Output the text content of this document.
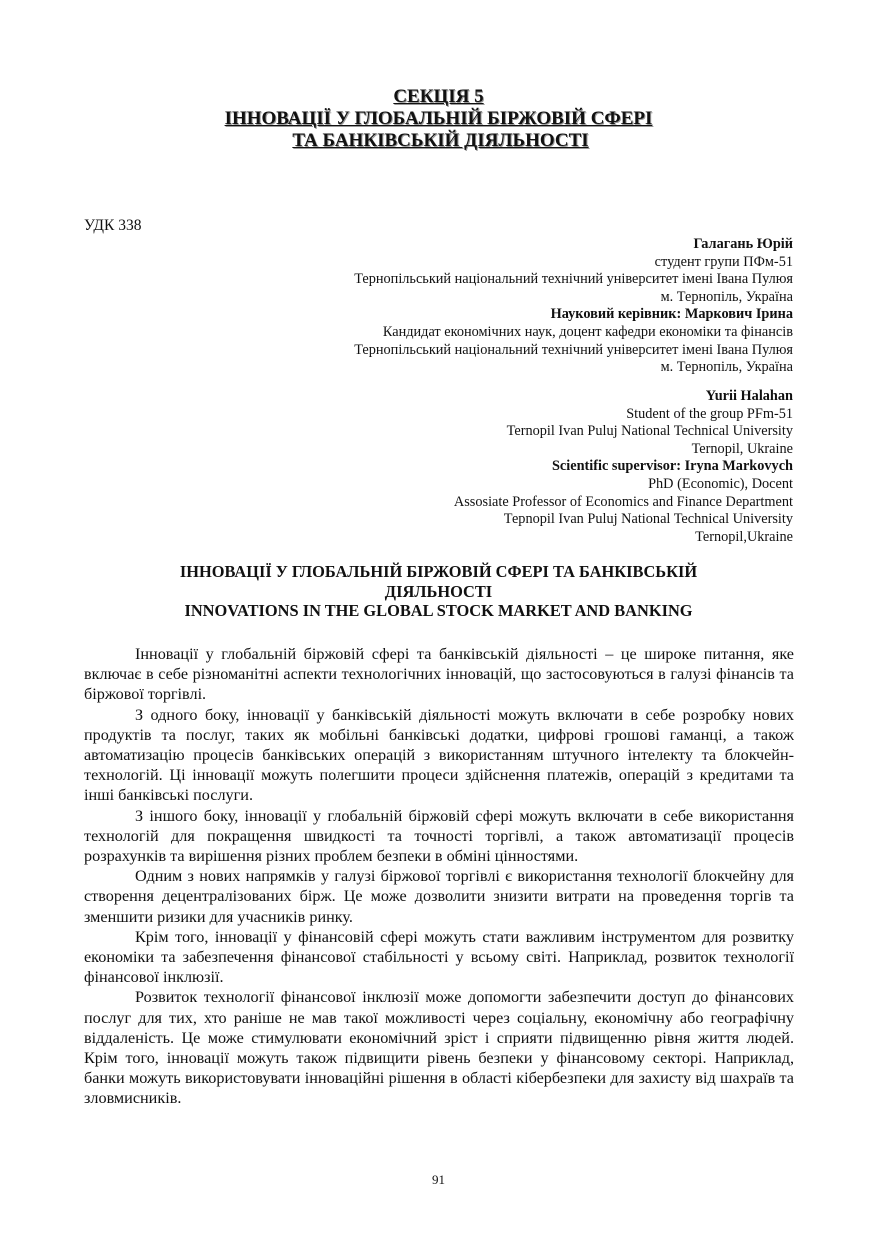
СЕКЦІЯ 5
ІННОВАЦІЇ У ГЛОБАЛЬНІЙ БІРЖОВІЙ СФЕРІ
ТА БАНКІВСЬКІЙ ДІЯЛЬНОСТІ
УДК 338
Галагань Юрій
студент групи ПФм-51
Тернопільський національний технічний університет імені Івана Пулюя
м. Тернопіль, Україна
Науковий керівник: Маркович Ірина
Кандидат економічних наук, доцент кафедри економіки та фінансів
Тернопільський національний технічний університет імені Івана Пулюя
м. Тернопіль, Україна
Yurii Halahan
Student of the group PFm-51
Ternopil Ivan Puluj National Technical University
Ternopil, Ukraine
Scientific supervisor: Iryna Markovych
PhD (Economic), Docent
Assosiate Professor of Economics and Finance Department
Терnopil Ivan Puluj National Technical University
Ternopil,Ukraine
ІННОВАЦІЇ У ГЛОБАЛЬНІЙ БІРЖОВІЙ СФЕРІ ТА БАНКІВСЬКІЙ
ДІЯЛЬНОСТІ
INNOVATIONS IN THE GLOBAL STOCK MARKET AND BANKING

Інновації у глобальній біржовій сфері та банківській діяльності – це широке питання, яке включає в себе різноманітні аспекти технологічних інновацій, що застосовуються в галузі фінансів та біржової торгівлі.

З одного боку, інновації у банківській діяльності можуть включати в себе розробку нових продуктів та послуг, таких як мобільні банківські додатки, цифрові грошові гаманці, а також автоматизацію процесів банківських операцій з використанням штучного інтелекту та блокчейн-технологій. Ці інновації можуть полегшити процеси здійснення платежів, операцій з кредитами та інші банківські послуги.

З іншого боку, інновації у глобальній біржовій сфері можуть включати в себе використання технологій для покращення швидкості та точності торгівлі, а також автоматизації процесів розрахунків та вирішення різних проблем безпеки в обміні цінностями.

Одним з нових напрямків у галузі біржової торгівлі є використання технології блокчейну для створення децентралізованих бірж. Це може дозволити знизити витрати на проведення торгів та зменшити ризики для учасників ринку.

Крім того, інновації у фінансовій сфері можуть стати важливим інструментом для розвитку економіки та забезпечення фінансової стабільності у всьому світі. Наприклад, розвиток технології фінансової інклюзії.

Розвиток технології фінансової інклюзії може допомогти забезпечити доступ до фінансових послуг для тих, хто раніше не мав такої можливості через соціальну, економічну або географічну віддаленість. Це може стимулювати економічний зріст і сприяти підвищенню рівня життя людей. Крім того, інновації можуть також підвищити рівень безпеки у фінансовому секторі. Наприклад, банки можуть використовувати інноваційні рішення в області кібербезпеки для захисту від шахраїв та зловмисників.

91
